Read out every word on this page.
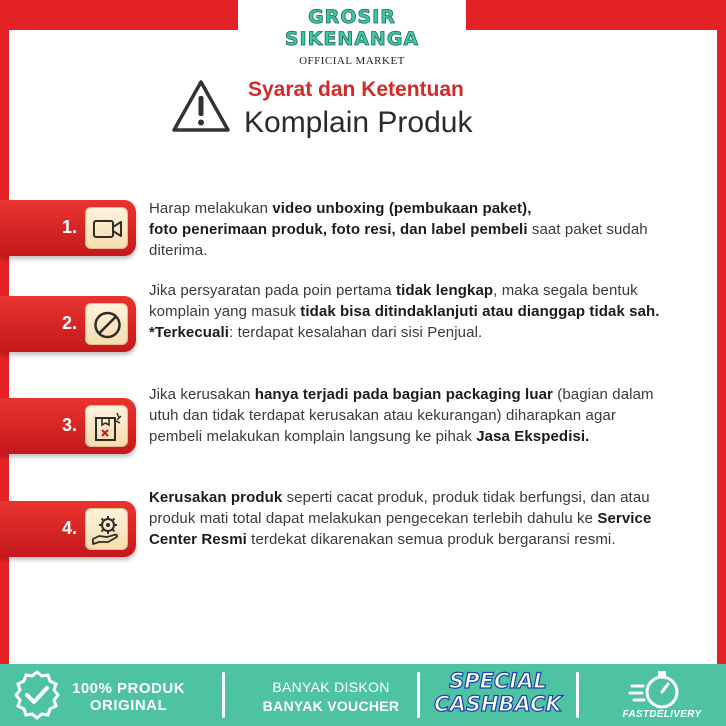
GROSIR SIKENANGA
OFFICIAL MARKET
Syarat dan Ketentuan
Komplain Produk
1.
Harap melakukan video unboxing (pembukaan paket),
foto penerimaan produk, foto resi, dan label pembeli saat paket sudah diterima.
2.
Jika persyaratan pada poin pertama tidak lengkap, maka segala bentuk komplain yang masuk tidak bisa ditindaklanjuti atau dianggap tidak sah.
*Terkecuali: terdapat kesalahan dari sisi Penjual.
3.
Jika kerusakan hanya terjadi pada bagian packaging luar (bagian dalam utuh dan tidak terdapat kerusakan atau kekurangan) diharapkan agar pembeli melakukan komplain langsung ke pihak Jasa Ekspedisi.
4.
Kerusakan produk seperti cacat produk, produk tidak berfungsi, dan atau produk mati total dapat melakukan pengecekan terlebih dahulu ke Service Center Resmi terdekat dikarenakan semua produk bergaransi resmi.
100% PRODUK
ORIGINAL
BANYAK DISKON
BANYAK VOUCHER
SPECIAL
CASHBACK	FASTDELIVERY
